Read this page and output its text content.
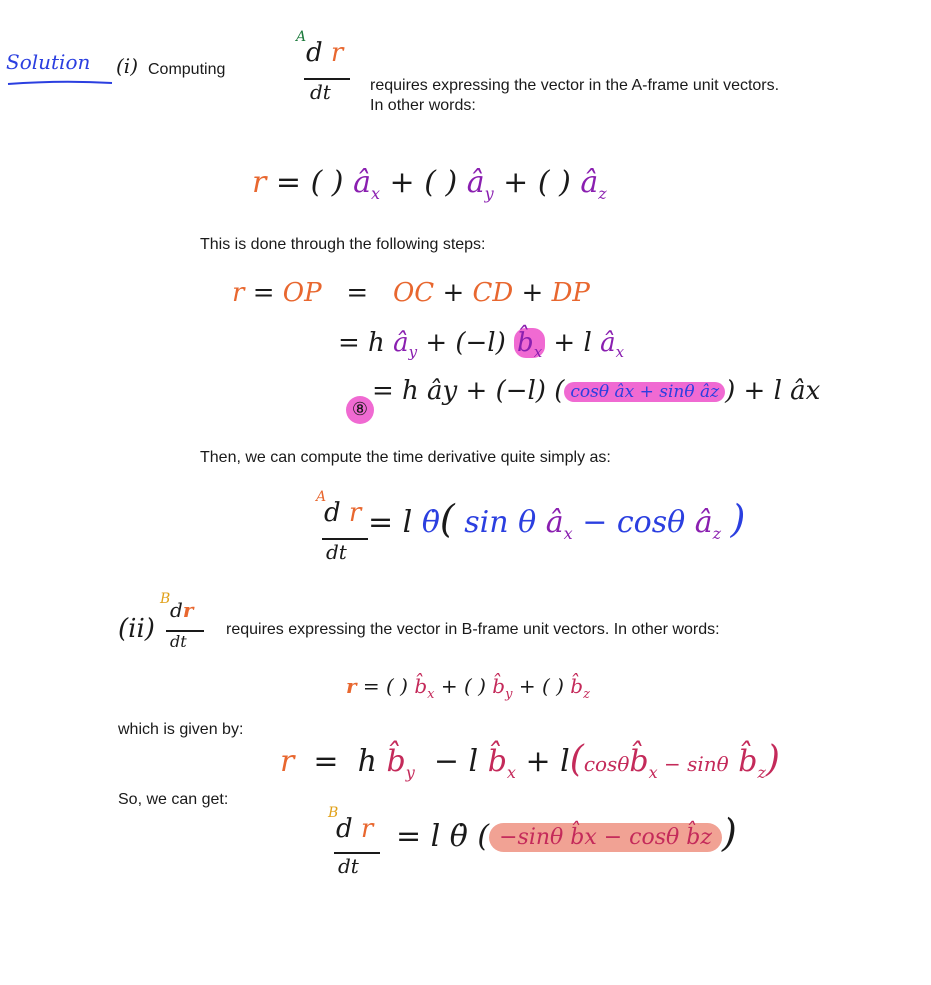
Solution (i) Computing
A
d r
dt requires expressing the vector in the A-frame unit vectors.
In other words:
r = ( ) $â_x$ + ( ) $â_y$ + ( ) $â_z$
This is done through the following steps:
r = OP   =   OC + CD + DP
= h $â_y + (-l)$ $b̂_x + l$ $â_x$
⑧
= h ây + (−l) ( cosθ âx + sinθ âz ) + l âx
Then, we can compute the time derivative quite simply as:
A
d r
dt
= l θ̇( sin θ $â_x - \cos\theta$ $â_z$ )
(ii)
B dr
dt
requires expressing the vector in B-frame unit vectors. In other words:
r = ( ) $b̂_x$ + ( ) $b̂_y$ + ( ) $b̂_z$
which is given by:
r  =  h $b̂_y - l$ $b̂_x$ + $l(\cos\theta b̂_x - \sin\theta$ $b̂_z$)
So, we can get:
B
d r
dt
= l θ̇ ( −sinθ b̂x − cosθ b̂z )
